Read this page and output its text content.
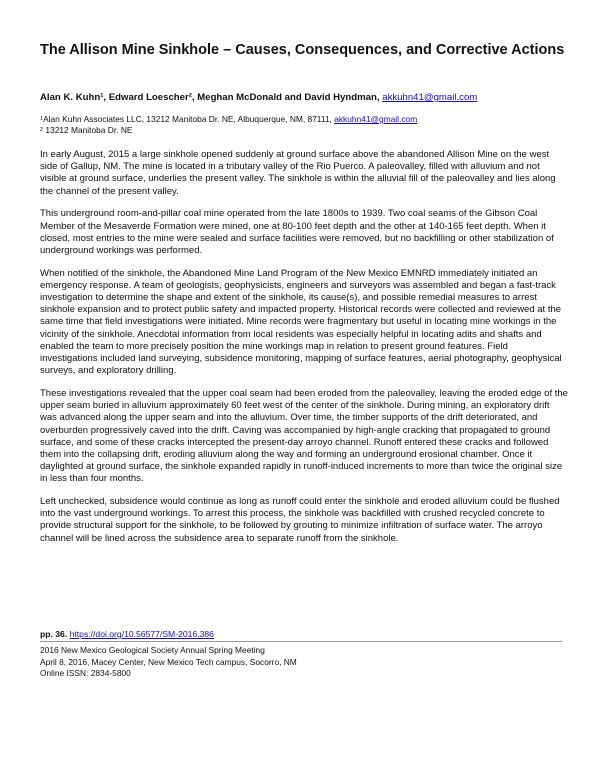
The Allison Mine Sinkhole – Causes, Consequences, and Corrective Actions
Alan K. Kuhn¹, Edward Loescher², Meghan McDonald and David Hyndman, akkuhn41@gmail.com
$^1$Alan Kuhn Associates LLC, 13212 Manitoba Dr. NE, Albuquerque, NM, 87111, akkuhn41@gmail.com
$^2$ 13212 Manitoba Dr. NE

In early August, 2015 a large sinkhole opened suddenly at ground surface above the abandoned Allison Mine on the west side of Gallup, NM. The mine is located in a tributary valley of the Rio Puerco. A paleovalley, filled with alluvium and not visible at ground surface, underlies the present valley. The sinkhole is within the alluvial fill of the paleovalley and lies along the channel of the present valley.

This underground room-and-pillar coal mine operated from the late 1800s to 1939. Two coal seams of the Gibson Coal Member of the Mesaverde Formation were mined, one at 80-100 feet depth and the other at 140-165 feet depth. When it closed, most entries to the mine were sealed and surface facilities were removed, but no backfilling or other stabilization of underground workings was performed.

When notified of the sinkhole, the Abandoned Mine Land Program of the New Mexico EMNRD immediately initiated an emergency response. A team of geologists, geophysicists, engineers and surveyors was assembled and began a fast-track investigation to determine the shape and extent of the sinkhole, its cause(s), and possible remedial measures to arrest sinkhole expansion and to protect public safety and impacted property. Historical records were collected and reviewed at the same time that field investigations were initiated. Mine records were fragmentary but useful in locating mine workings in the vicinity of the sinkhole. Anecdotal information from local residents was especially helpful in locating adits and shafts and enabled the team to more precisely position the mine workings map in relation to present ground features. Field investigations included land surveying, subsidence monitoring, mapping of surface features, aerial photography, geophysical surveys, and exploratory drilling.

These investigations revealed that the upper coal seam had been eroded from the paleovalley, leaving the eroded edge of the upper seam buried in alluvium approximately 60 feet west of the center of the sinkhole. During mining, an exploratory drift was advanced along the upper seam and into the alluvium. Over time, the timber supports of the drift deteriorated, and overburden progressively caved into the drift. Caving was accompanied by high-angle cracking that propagated to ground surface, and some of these cracks intercepted the present-day arroyo channel. Runoff entered these cracks and followed them into the collapsing drift, eroding alluvium along the way and forming an underground erosional chamber. Once it daylighted at ground surface, the sinkhole expanded rapidly in runoff-induced increments to more than twice the original size in less than four months.

Left unchecked, subsidence would continue as long as runoff could enter the sinkhole and eroded alluvium could be flushed into the vast underground workings. To arrest this process, the sinkhole was backfilled with crushed recycled concrete to provide structural support for the sinkhole, to be followed by grouting to minimize infiltration of surface water. The arroyo channel will be lined across the subsidence area to separate runoff from the sinkhole.

pp. 36. https://doi.org/10.56577/SM-2016.386
2016 New Mexico Geological Society Annual Spring Meeting
April 8, 2016, Macey Center, New Mexico Tech campus, Socorro, NM
Online ISSN: 2834-5800
